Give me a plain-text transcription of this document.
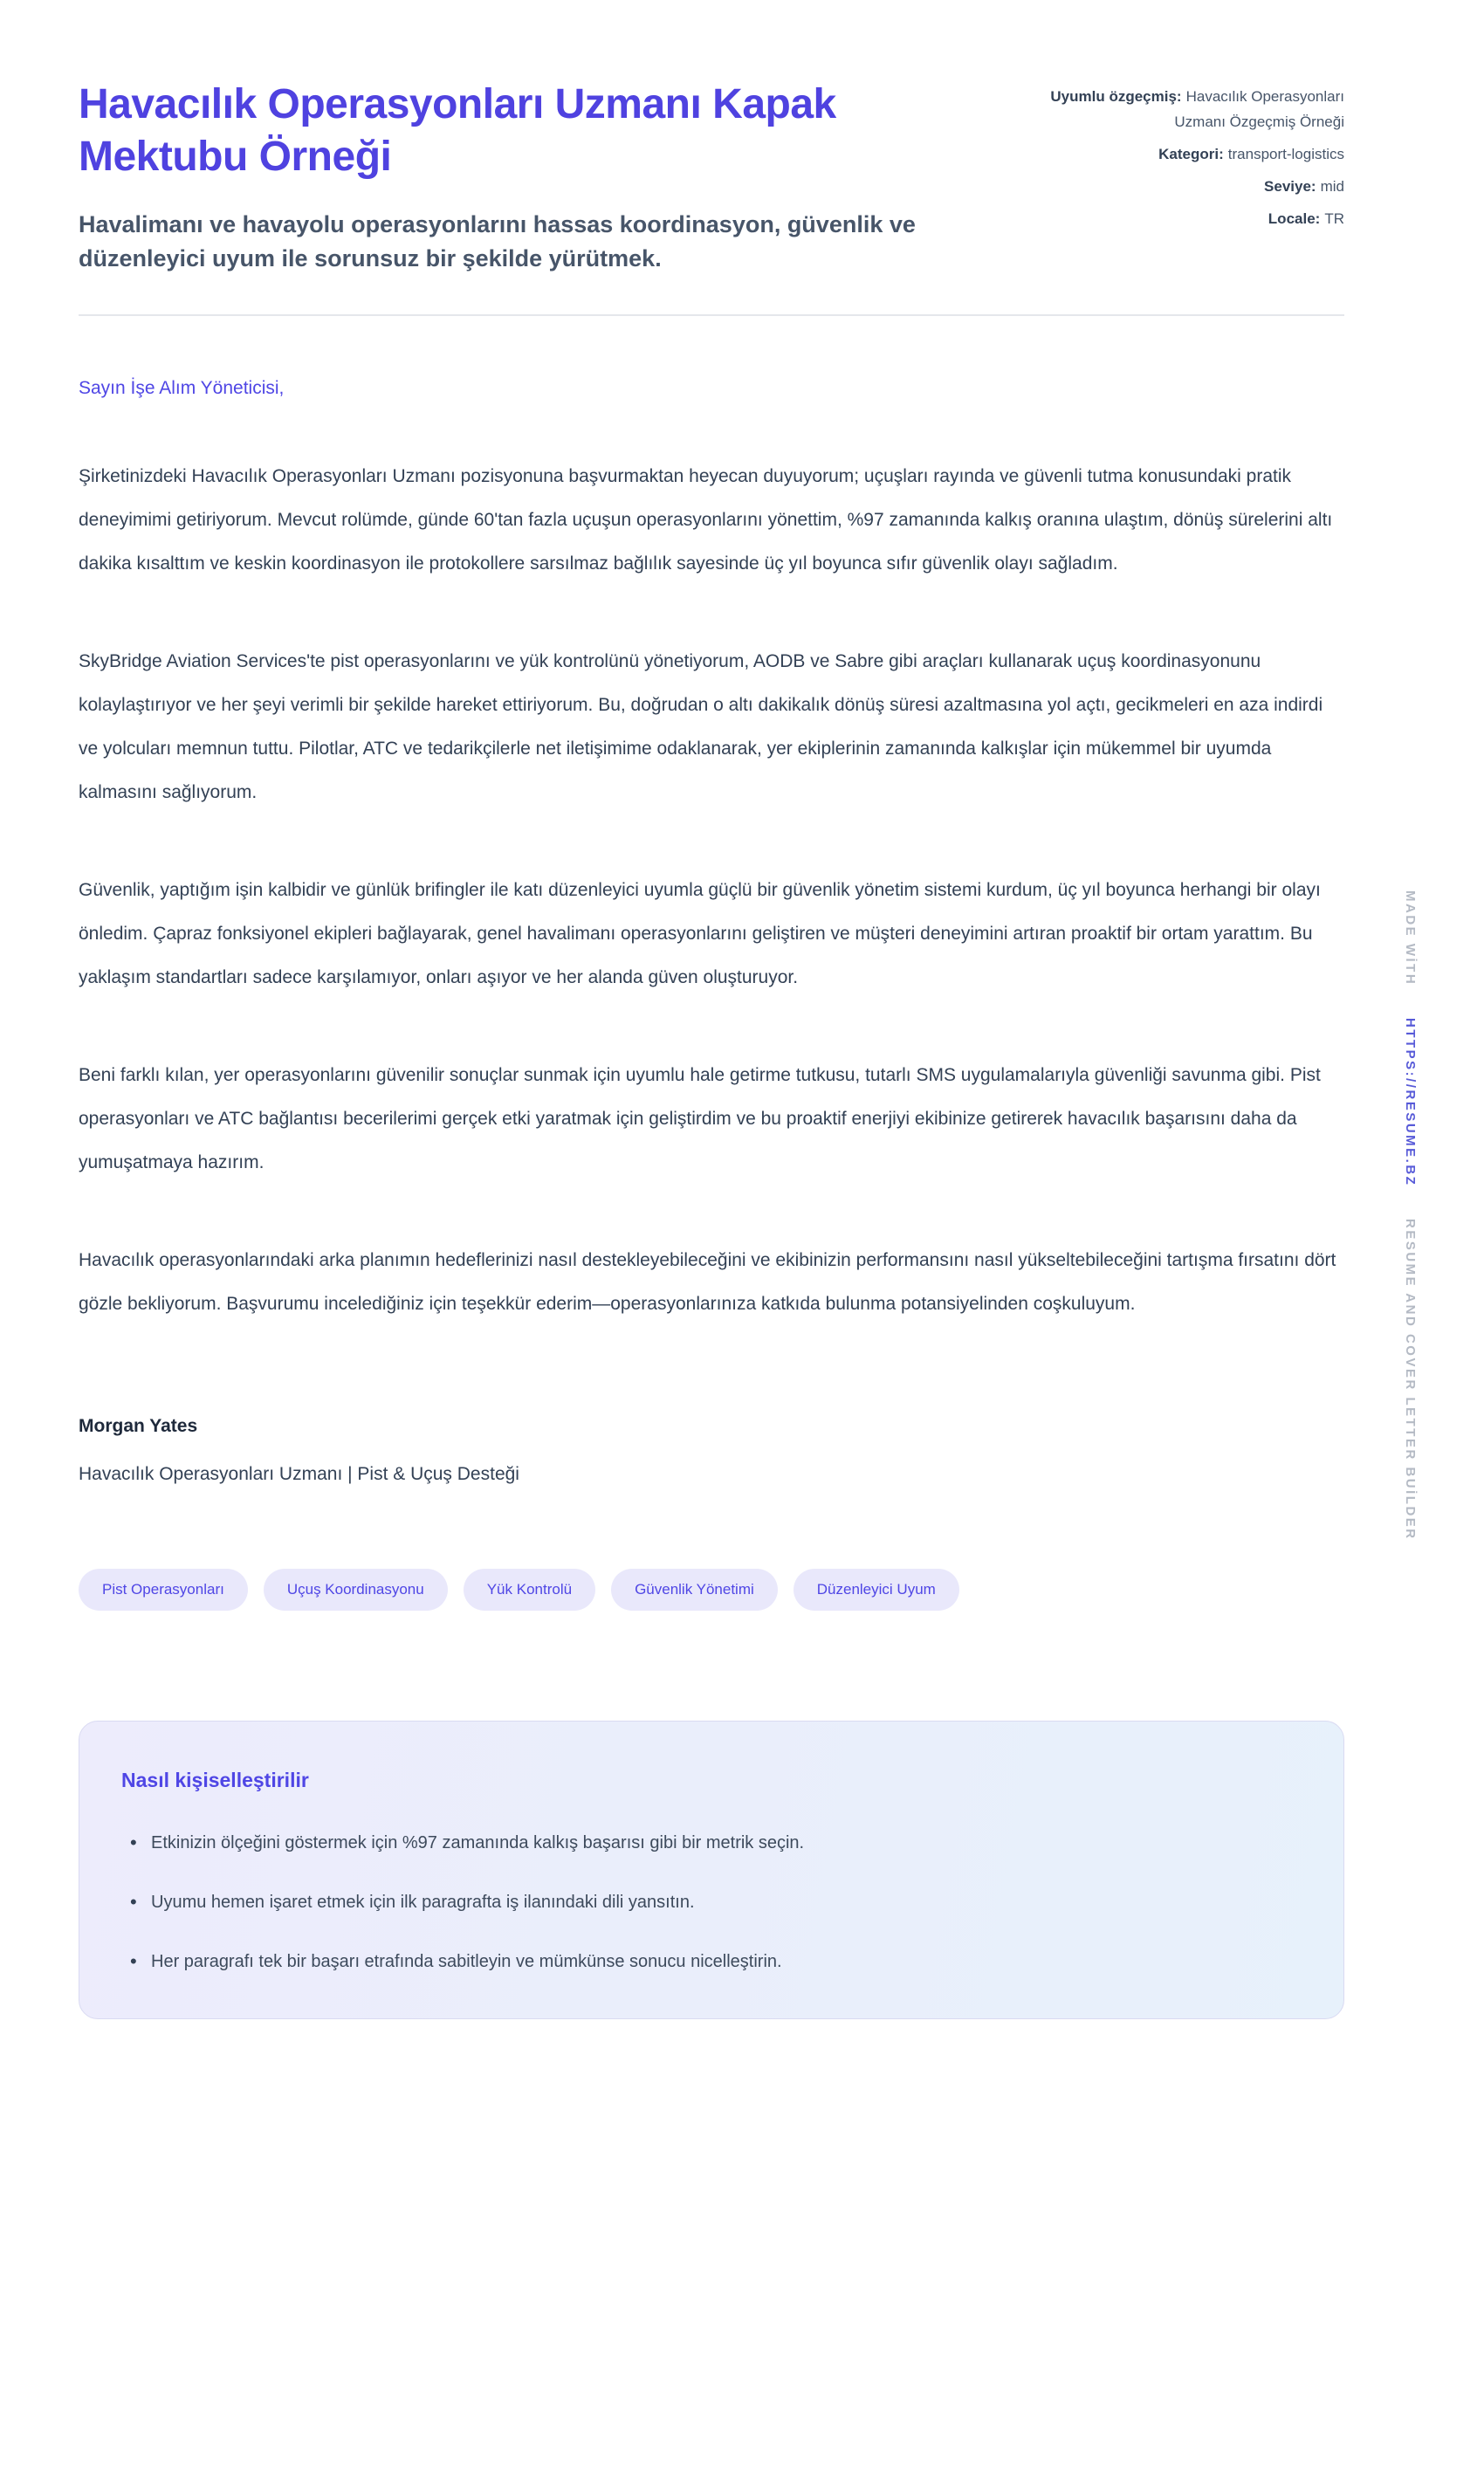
Havacılık Operasyonları Uzmanı Kapak Mektubu Örneği

Havalimanı ve havayolu operasyonlarını hassas koordinasyon, güvenlik ve düzenleyici uyum ile sorunsuz bir şekilde yürütmek.

Uyumlu özgeçmiş: Havacılık Operasyonları Uzmanı Özgeçmiş Örneği

Kategori: transport-logistics

Seviye: mid

Locale: TR

Sayın İşe Alım Yöneticisi,

Şirketinizdeki Havacılık Operasyonları Uzmanı pozisyonuna başvurmaktan heyecan duyuyorum; uçuşları rayında ve güvenli tutma konusundaki pratik deneyimimi getiriyorum. Mevcut rolümde, günde 60'tan fazla uçuşun operasyonlarını yönettim, %97 zamanında kalkış oranına ulaştım, dönüş sürelerini altı dakika kısalttım ve keskin koordinasyon ile protokollere sarsılmaz bağlılık sayesinde üç yıl boyunca sıfır güvenlik olayı sağladım.

SkyBridge Aviation Services'te pist operasyonlarını ve yük kontrolünü yönetiyorum, AODB ve Sabre gibi araçları kullanarak uçuş koordinasyonunu kolaylaştırıyor ve her şeyi verimli bir şekilde hareket ettiriyorum. Bu, doğrudan o altı dakikalık dönüş süresi azaltmasına yol açtı, gecikmeleri en aza indirdi ve yolcuları memnun tuttu. Pilotlar, ATC ve tedarikçilerle net iletişimime odaklanarak, yer ekiplerinin zamanında kalkışlar için mükemmel bir uyumda kalmasını sağlıyorum.

Güvenlik, yaptığım işin kalbidir ve günlük brifingler ile katı düzenleyici uyumla güçlü bir güvenlik yönetim sistemi kurdum, üç yıl boyunca herhangi bir olayı önledim. Çapraz fonksiyonel ekipleri bağlayarak, genel havalimanı operasyonlarını geliştiren ve müşteri deneyimini artıran proaktif bir ortam yarattım. Bu yaklaşım standartları sadece karşılamıyor, onları aşıyor ve her alanda güven oluşturuyor.

Beni farklı kılan, yer operasyonlarını güvenilir sonuçlar sunmak için uyumlu hale getirme tutkusu, tutarlı SMS uygulamalarıyla güvenliği savunma gibi. Pist operasyonları ve ATC bağlantısı becerilerimi gerçek etki yaratmak için geliştirdim ve bu proaktif enerjiyi ekibinize getirerek havacılık başarısını daha da yumuşatmaya hazırım.

Havacılık operasyonlarındaki arka planımın hedeflerinizi nasıl destekleyebileceğini ve ekibinizin performansını nasıl yükseltebileceğini tartışma fırsatını dört gözle bekliyorum. Başvurumu incelediğiniz için teşekkür ederim—operasyonlarınıza katkıda bulunma potansiyelinden coşkuluyum.

Morgan Yates

Havacılık Operasyonları Uzmanı | Pist & Uçuş Desteği

Pist Operasyonları	Uçuş Koordinasyonu	Yük Kontrolü	Güvenlik Yönetimi	Düzenleyici Uyum
Nasıl kişiselleştirilir
• Etkinizin ölçeğini göstermek için %97 zamanında kalkış başarısı gibi bir metrik seçin.
• Uyumu hemen işaret etmek için ilk paragrafta iş ilanındaki dili yansıtın.
• Her paragrafı tek bir başarı etrafında sabitleyin ve mümkünse sonucu nicelleştirin.
MADE WİTH HTTPS://RESUME.BZ RESUME AND COVER LETTER BUİLDER
